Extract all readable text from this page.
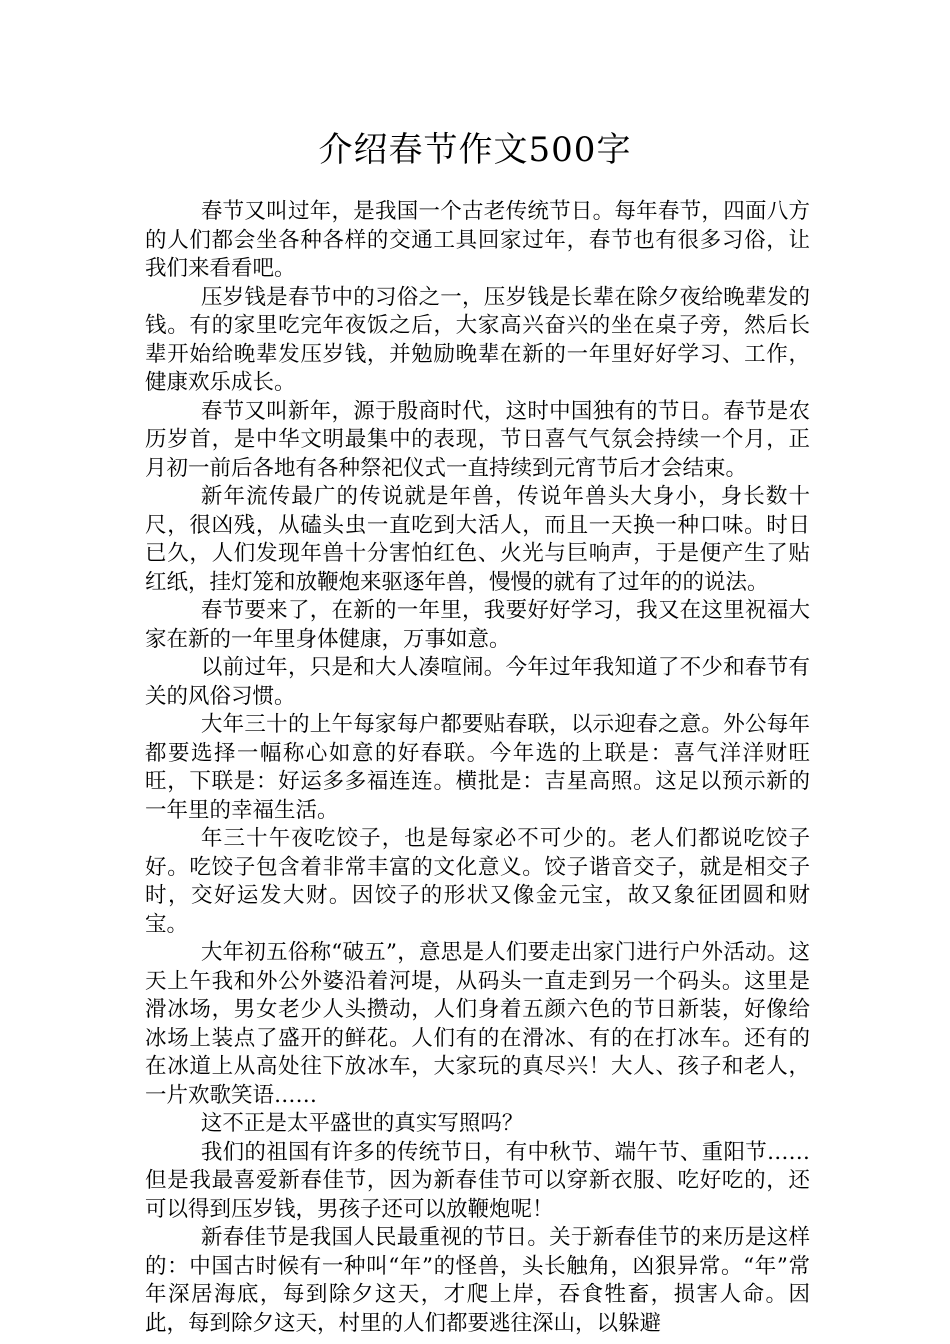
介绍春节作文500字

春节又叫过年，是我国一个古老传统节日。每年春节，四面八方的人们都会坐各种各样的交通工具回家过年，春节也有很多习俗，让我们来看看吧。

压岁钱是春节中的习俗之一，压岁钱是长辈在除夕夜给晚辈发的钱。有的家里吃完年夜饭之后，大家高兴奋兴的坐在桌子旁，然后长辈开始给晚辈发压岁钱，并勉励晚辈在新的一年里好好学习、工作，健康欢乐成长。

春节又叫新年，源于殷商时代，这时中国独有的节日。春节是农历岁首，是中华文明最集中的表现，节日喜气气氛会持续一个月，正月初一前后各地有各种祭祀仪式一直持续到元宵节后才会结束。

新年流传最广的传说就是年兽，传说年兽头大身小，身长数十尺，很凶残，从磕头虫一直吃到大活人，而且一天换一种口味。时日已久，人们发现年兽十分害怕红色、火光与巨响声，于是便产生了贴红纸，挂灯笼和放鞭炮来驱逐年兽，慢慢的就有了过年的的说法。

春节要来了，在新的一年里，我要好好学习，我又在这里祝福大家在新的一年里身体健康，万事如意。

以前过年，只是和大人凑喧闹。今年过年我知道了不少和春节有关的风俗习惯。

大年三十的上午每家每户都要贴春联，以示迎春之意。外公每年都要选择一幅称心如意的好春联。今年选的上联是：喜气洋洋财旺旺，下联是：好运多多福连连。横批是：吉星高照。这足以预示新的一年里的幸福生活。

年三十午夜吃饺子，也是每家必不可少的。老人们都说吃饺子好。吃饺子包含着非常丰富的文化意义。饺子谐音交子，就是相交子时，交好运发大财。因饺子的形状又像金元宝，故又象征团圆和财宝。

大年初五俗称“破五”，意思是人们要走出家门进行户外活动。这天上午我和外公外婆沿着河堤，从码头一直走到另一个码头。这里是滑冰场，男女老少人头攒动，人们身着五颜六色的节日新装，好像给冰场上装点了盛开的鲜花。人们有的在滑冰、有的在打冰车。还有的在冰道上从高处往下放冰车，大家玩的真尽兴！大人、孩子和老人，一片欢歌笑语……

这不正是太平盛世的真实写照吗？

我们的祖国有许多的传统节日，有中秋节、端午节、重阳节……但是我最喜爱新春佳节，因为新春佳节可以穿新衣服、吃好吃的，还可以得到压岁钱，男孩子还可以放鞭炮呢！

新春佳节是我国人民最重视的节日。关于新春佳节的来历是这样的：中国古时候有一种叫“年”的怪兽，头长触角，凶狠异常。“年”常年深居海底，每到除夕这天，才爬上岸，吞食牲畜，损害人命。因此，每到除夕这天，村里的人们都要逃往深山，以躲避
